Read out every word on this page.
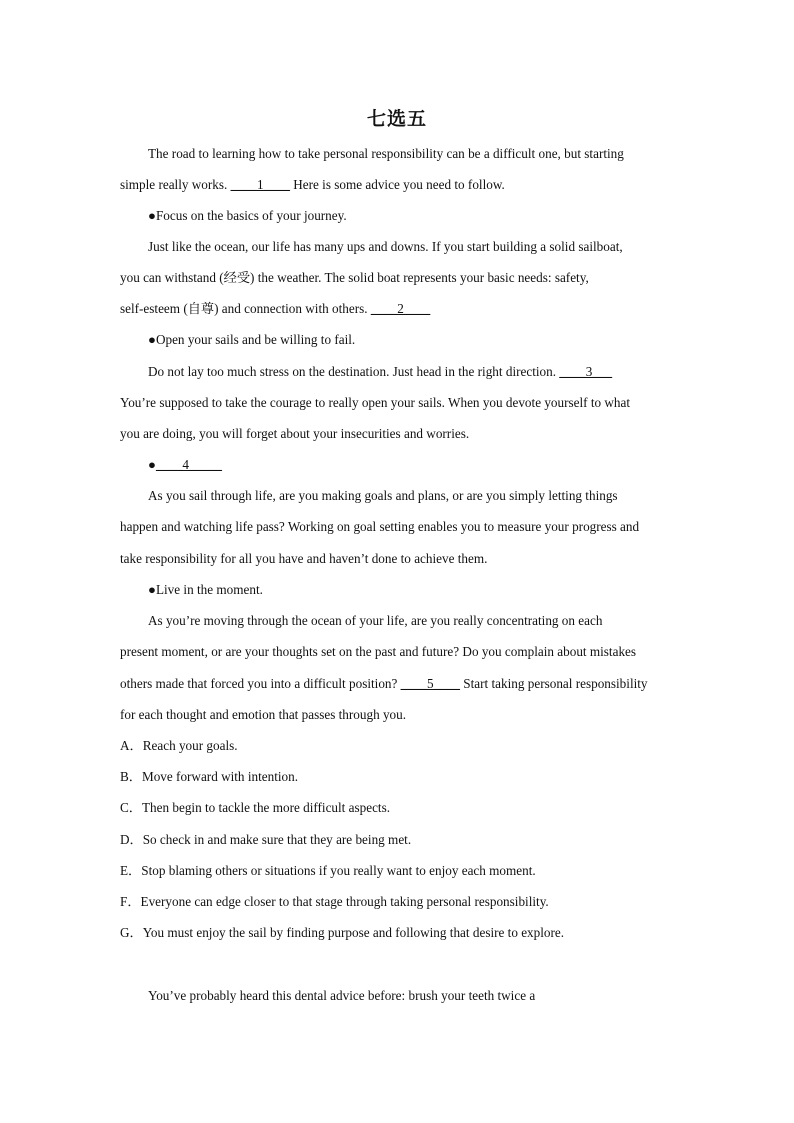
七选五
The road to learning how to take personal responsibility can be a difficult one, but starting
simple really works. ____1____ Here is some advice you need to follow.
●Focus on the basics of your journey.
Just like the ocean, our life has many ups and downs. If you start building a solid sailboat,
you can withstand (经受) the weather. The solid boat represents your basic needs: safety,
self-esteem (自尊) and connection with others. ____2____
●Open your sails and be willing to fail.
Do not lay too much stress on the destination. Just head in the right direction. ____3___
You’re supposed to take the courage to really open your sails. When you devote yourself to what
you are doing, you will forget about your insecurities and worries.
●____4_____
As you sail through life, are you making goals and plans, or are you simply letting things
happen and watching life pass? Working on goal setting enables you to measure your progress and
take responsibility for all you have and haven’t done to achieve them.
●Live in the moment.
As you’re moving through the ocean of your life, are you really concentrating on each
present moment, or are your thoughts set on the past and future? Do you complain about mistakes
others made that forced you into a difficult position? ____5____ Start taking personal responsibility
for each thought and emotion that passes through you.
A．Reach your goals.
B．Move forward with intention.
C．Then begin to tackle the more difficult aspects.
D．So check in and make sure that they are being met.
E．Stop blaming others or situations if you really want to enjoy each moment.
F．Everyone can edge closer to that stage through taking personal responsibility.
G．You must enjoy the sail by finding purpose and following that desire to explore.
You’ve probably heard this dental advice before: brush your teeth twice a
